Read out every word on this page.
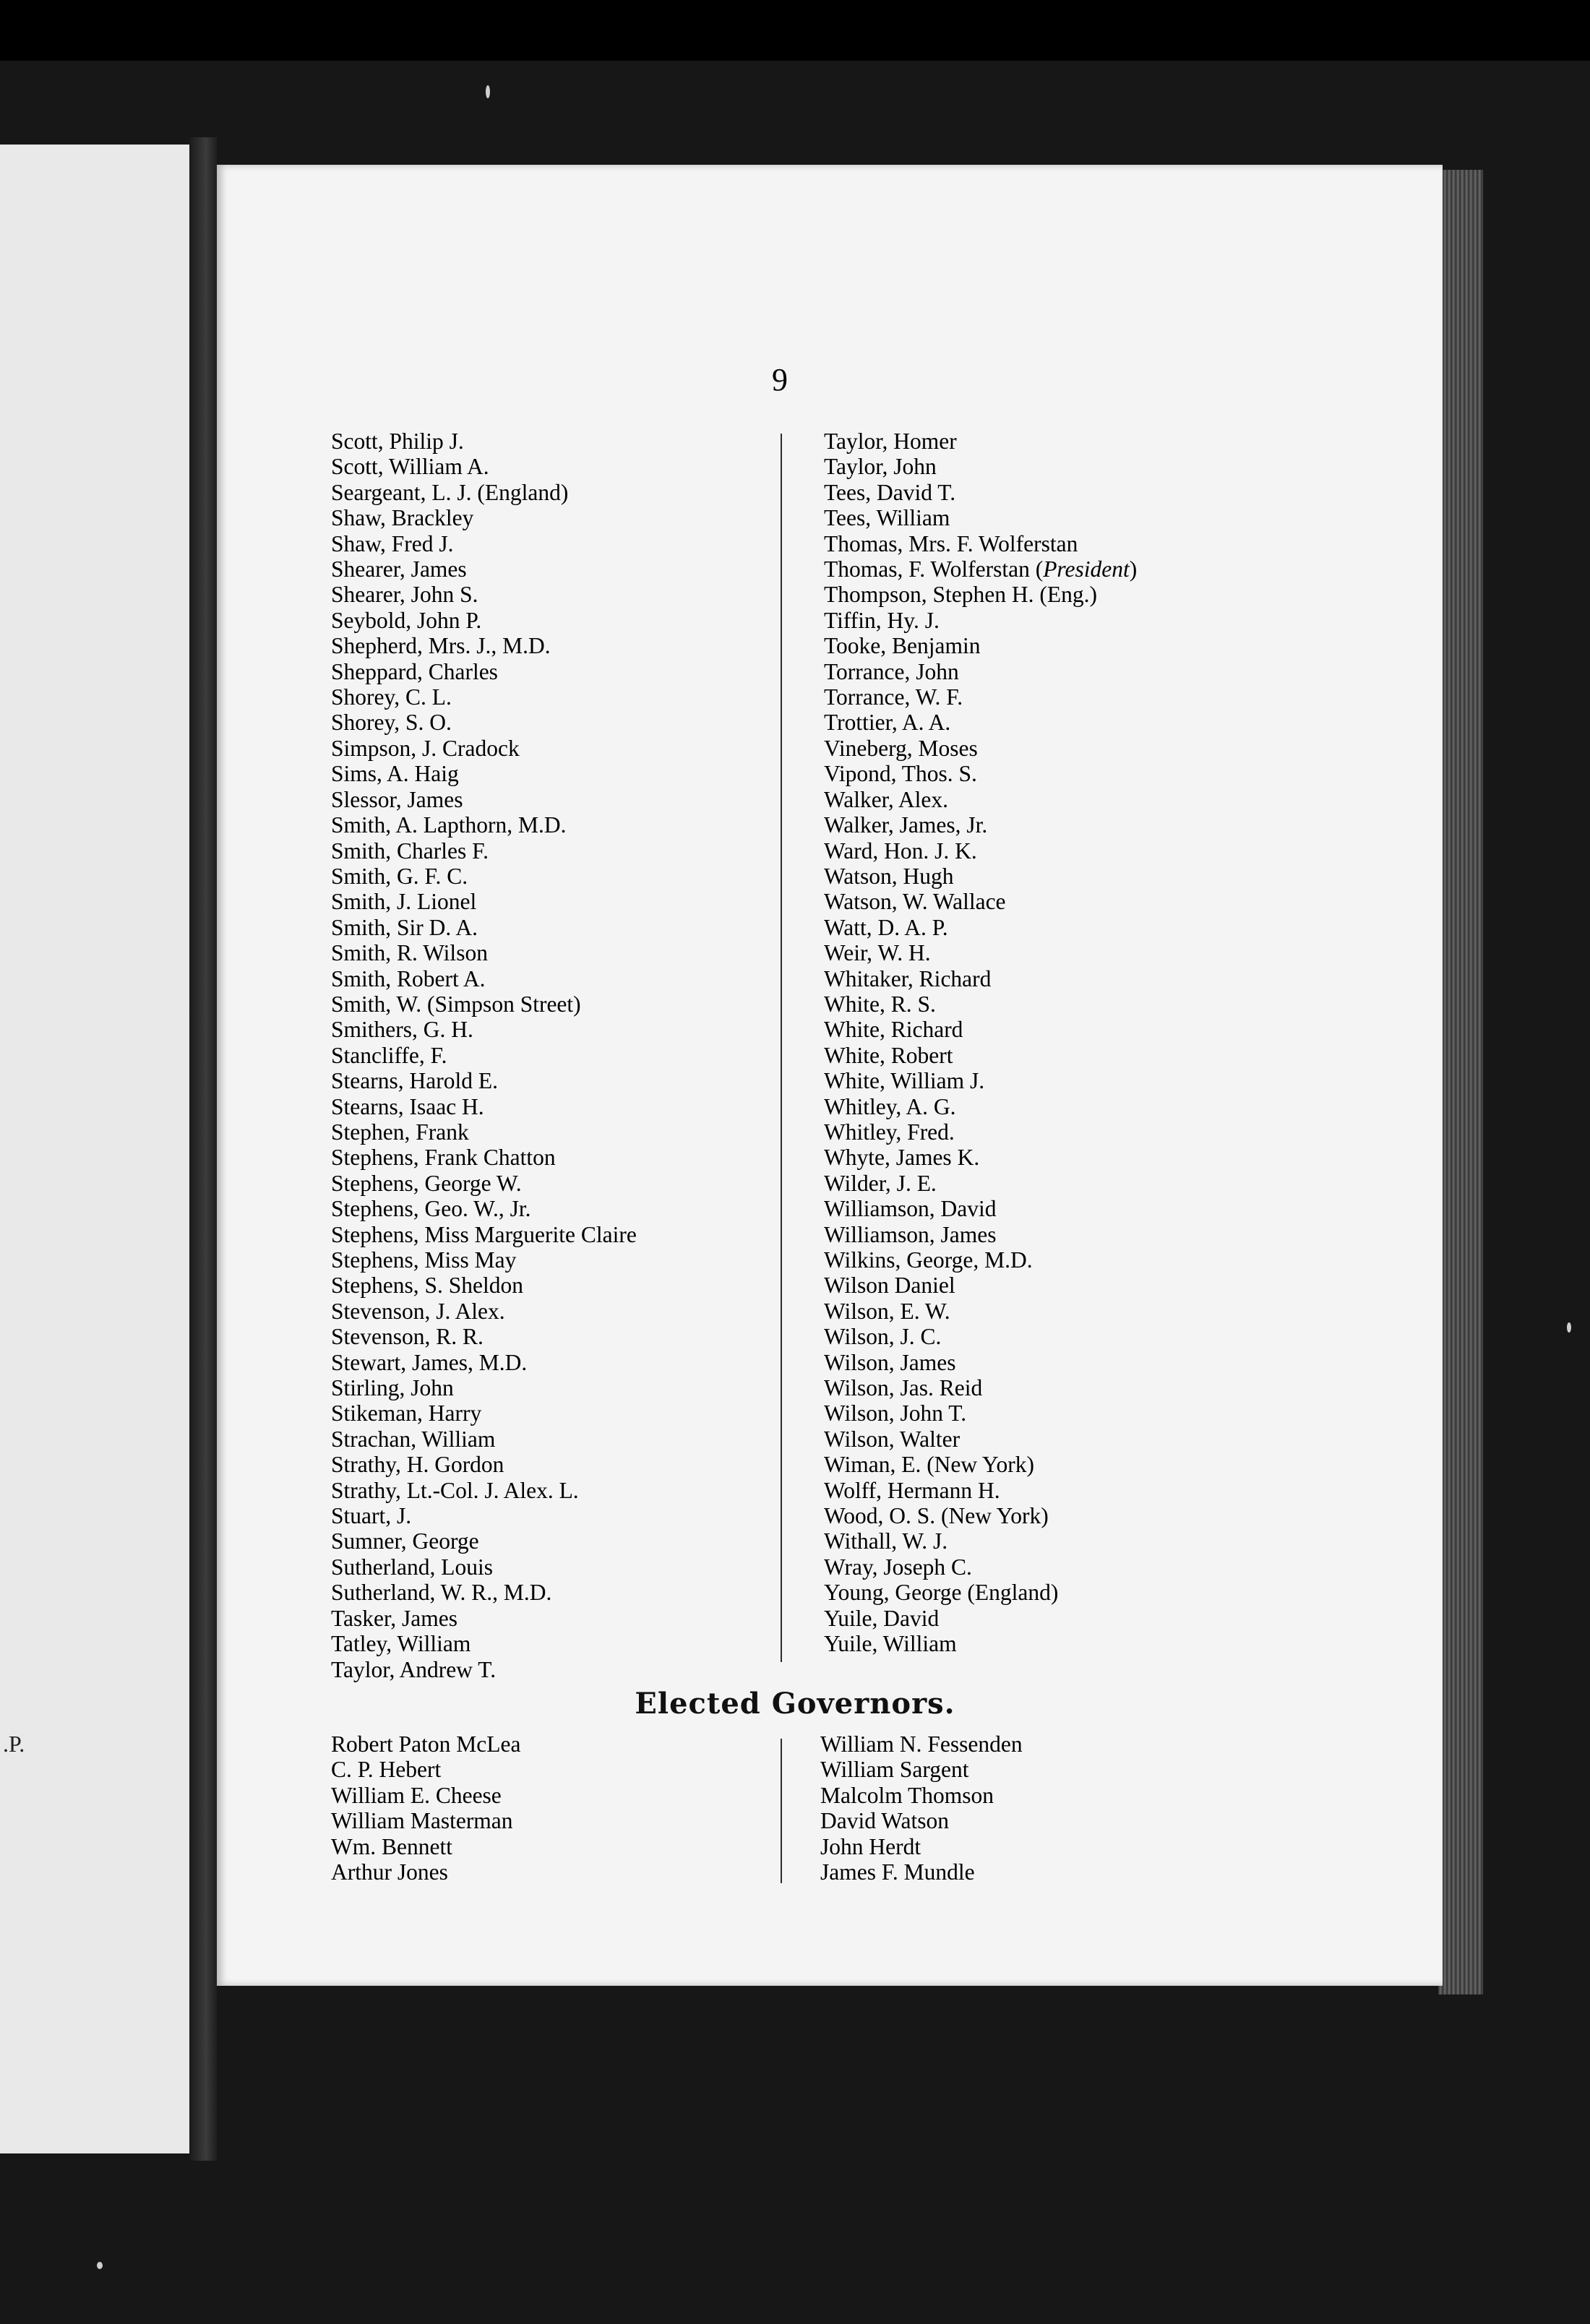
.P.

9

Scott, Philip J.
Scott, William A.
Seargeant, L. J. (England)
Shaw, Brackley
Shaw, Fred J.
Shearer, James
Shearer, John S.
Seybold, John P.
Shepherd, Mrs. J., M.D.
Sheppard, Charles
Shorey, C. L.
Shorey, S. O.
Simpson, J. Cradock
Sims, A. Haig
Slessor, James
Smith, A. Lapthorn, M.D.
Smith, Charles F.
Smith, G. F. C.
Smith, J. Lionel
Smith, Sir D. A.
Smith, R. Wilson
Smith, Robert A.
Smith, W. (Simpson Street)
Smithers, G. H.
Stancliffe, F.
Stearns, Harold E.
Stearns, Isaac H.
Stephen, Frank
Stephens, Frank Chatton
Stephens, George W.
Stephens, Geo. W., Jr.
Stephens, Miss Marguerite Claire
Stephens, Miss May
Stephens, S. Sheldon
Stevenson, J. Alex.
Stevenson, R. R.
Stewart, James, M.D.
Stirling, John
Stikeman, Harry
Strachan, William
Strathy, H. Gordon
Strathy, Lt.-Col. J. Alex. L.
Stuart, J.
Sumner, George
Sutherland, Louis
Sutherland, W. R., M.D.
Tasker, James
Tatley, William
Taylor, Andrew T.
Taylor, Homer
Taylor, John
Tees, David T.
Tees, William
Thomas, Mrs. F. Wolferstan
Thomas, F. Wolferstan (President)
Thompson, Stephen H. (Eng.)
Tiffin, Hy. J.
Tooke, Benjamin
Torrance, John
Torrance, W. F.
Trottier, A. A.
Vineberg, Moses
Vipond, Thos. S.
Walker, Alex.
Walker, James, Jr.
Ward, Hon. J. K.
Watson, Hugh
Watson, W. Wallace
Watt, D. A. P.
Weir, W. H.
Whitaker, Richard
White, R. S.
White, Richard
White, Robert
White, William J.
Whitley, A. G.
Whitley, Fred.
Whyte, James K.
Wilder, J. E.
Williamson, David
Williamson, James
Wilkins, George, M.D.
Wilson Daniel
Wilson, E. W.
Wilson, J. C.
Wilson, James
Wilson, Jas. Reid
Wilson, John T.
Wilson, Walter
Wiman, E. (New York)
Wolff, Hermann H.
Wood, O. S. (New York)
Withall, W. J.
Wray, Joseph C.
Young, George (England)
Yuile, David
Yuile, William
Elected Governors.
Robert Paton McLea
C. P. Hebert
William E. Cheese
William Masterman
Wm. Bennett
Arthur Jones
William N. Fessenden
William Sargent
Malcolm Thomson
David Watson
John Herdt
James F. Mundle
